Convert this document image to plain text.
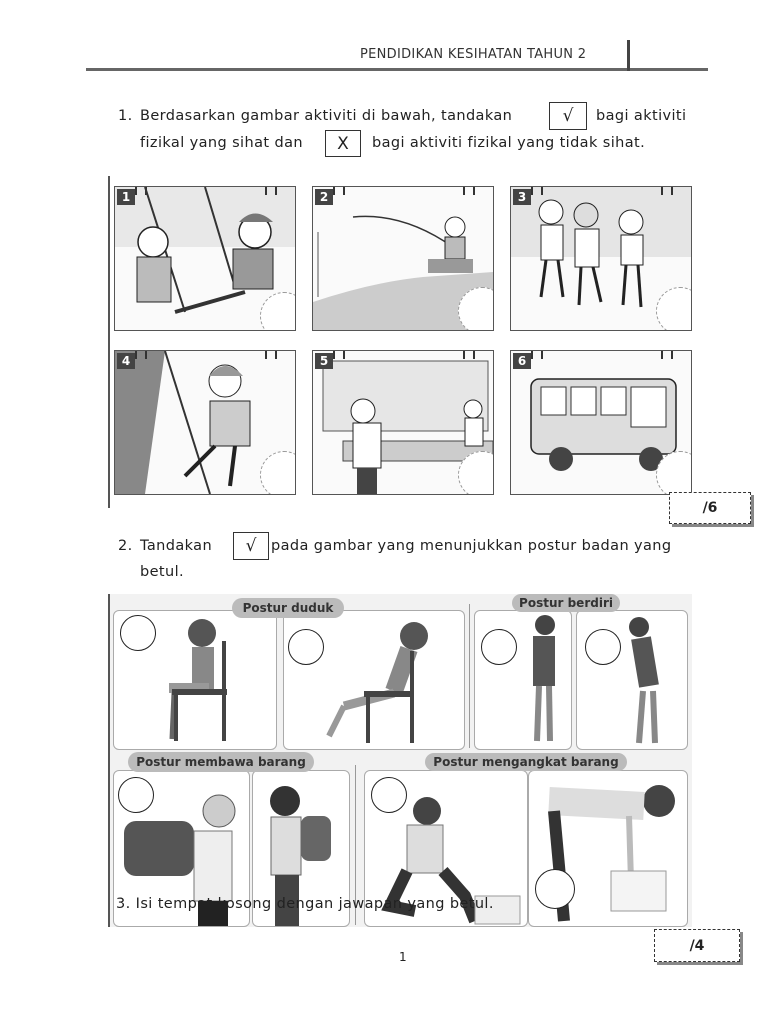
PENDIDIKAN KESIHATAN TAHUN 2
1. Berdasarkan gambar aktiviti di bawah, tandakan	√	bagi aktiviti
fizikal yang sihat dan	X	bagi aktiviti fizikal yang tidak sihat.
1	2	3
4	5	6
/6
2. Tandakan	√	pada gambar yang menunjukkan postur badan yang
betul.
Postur duduk	Postur berdiri
Postur membawa barang	Postur mengangkat barang
3. Isi tempat kosong dengan jawapan yang betul.
/4
1
